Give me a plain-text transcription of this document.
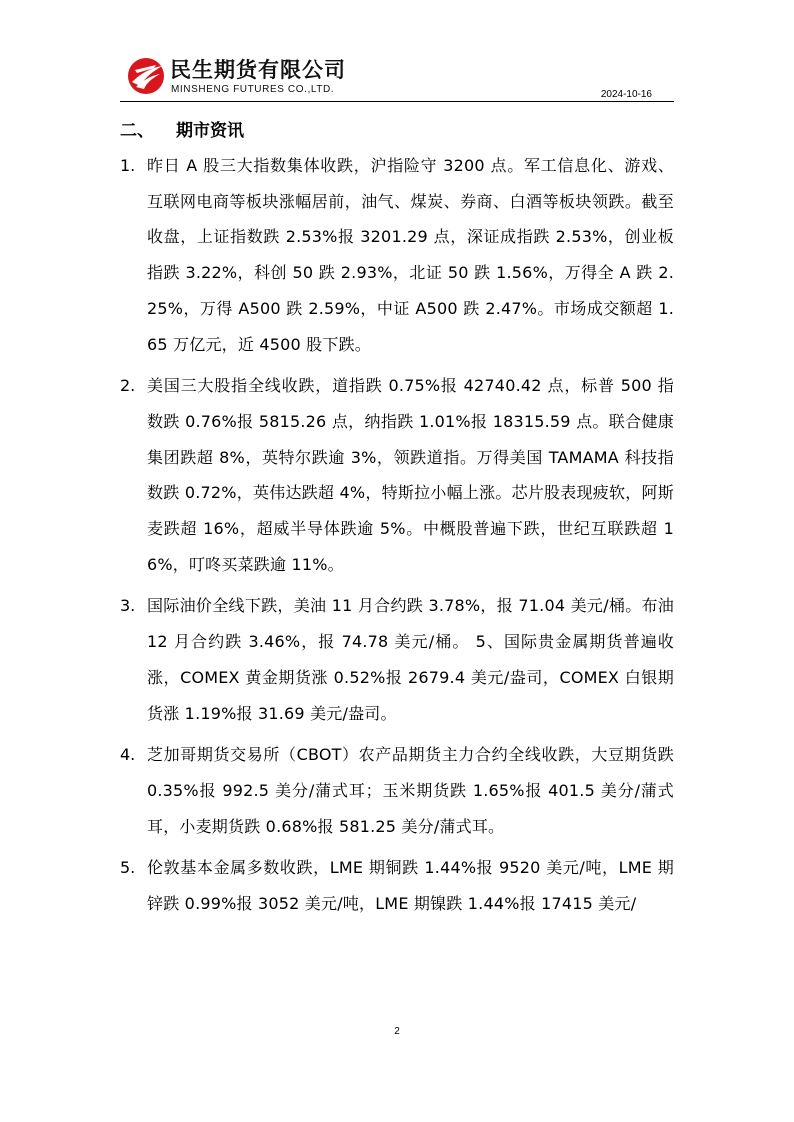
民生期货有限公司
MINSHENG FUTURES CO.,LTD.	2024-10-16
二、 期市资讯
1. 昨日 A 股三大指数集体收跌，沪指险守 3200 点。军工信息化、游戏、互联网电商等板块涨幅居前，油气、煤炭、券商、白酒等板块领跌。截至收盘，上证指数跌 2.53%报 3201.29 点，深证成指跌 2.53%，创业板指跌 3.22%，科创 50 跌 2.93%，北证 50 跌 1.56%，万得全 A 跌 2.25%，万得 A500 跌 2.59%，中证 A500 跌 2.47%。市场成交额超 1.65 万亿元，近 4500 股下跌。
2. 美国三大股指全线收跌，道指跌 0.75%报 42740.42 点，标普 500 指数跌 0.76%报 5815.26 点，纳指跌 1.01%报 18315.59 点。联合健康集团跌超 8%，英特尔跌逾 3%，领跌道指。万得美国 TAMAMA 科技指数跌 0.72%，英伟达跌超 4%，特斯拉小幅上涨。芯片股表现疲软，阿斯麦跌超 16%，超威半导体跌逾 5%。中概股普遍下跌，世纪互联跌超 16%，叮咚买菜跌逾 11%。
3. 国际油价全线下跌，美油 11 月合约跌 3.78%，报 71.04 美元/桶。布油 12 月合约跌 3.46%，报 74.78 美元/桶。 5、国际贵金属期货普遍收涨，COMEX 黄金期货涨 0.52%报 2679.4 美元/盎司，COMEX 白银期货涨 1.19%报 31.69 美元/盎司。
4. 芝加哥期货交易所（CBOT）农产品期货主力合约全线收跌，大豆期货跌 0.35%报 992.5 美分/蒲式耳；玉米期货跌 1.65%报 401.5 美分/蒲式耳，小麦期货跌 0.68%报 581.25 美分/蒲式耳。
5. 伦敦基本金属多数收跌，LME 期铜跌 1.44%报 9520 美元/吨，LME 期锌跌 0.99%报 3052 美元/吨，LME 期镍跌 1.44%报 17415 美元/
2
